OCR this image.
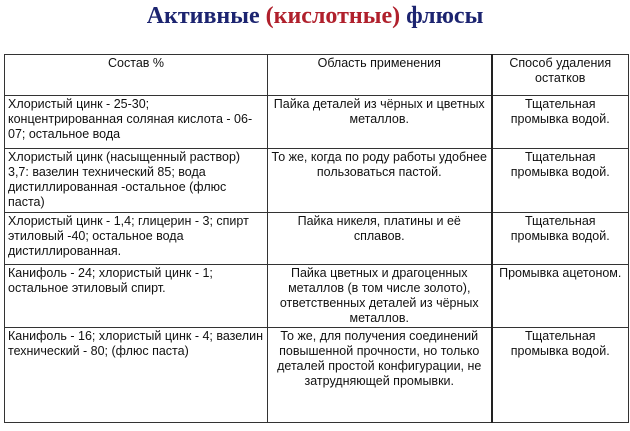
Активные (кислотные) флюсы
Состав %	Область применения	Способ удаления остатков
Хлористый цинк - 25-30; концентрированная соляная кислота - 06-07; остальное вода	Пайка деталей из чёрных и цветных металлов.	Тщательная промывка водой.
Хлористый цинк (насыщенный раствор) 3,7: вазелин технический 85; вода дистиллированная -остальное (флюс паста)	То же, когда по роду работы удобнее пользоваться пастой.	Тщательная промывка водой.
Хлористый цинк - 1,4; глицерин - 3; спирт этиловый -40; остальное вода дистиллированная.	Пайка никеля, платины и её сплавов.	Тщательная промывка водой.
Канифоль - 24; хлористый цинк - 1; остальное этиловый спирт.	Пайка цветных и драгоценных металлов (в том числе золото), ответственных деталей из чёрных металлов.	Промывка ацетоном.
Канифоль - 16; хлористый цинк - 4; вазелин технический - 80; (флюс паста)	То же, для получения соединений повышенной прочности, но только деталей простой конфигурации, не затрудняющей промывки.	Тщательная промывка водой.
